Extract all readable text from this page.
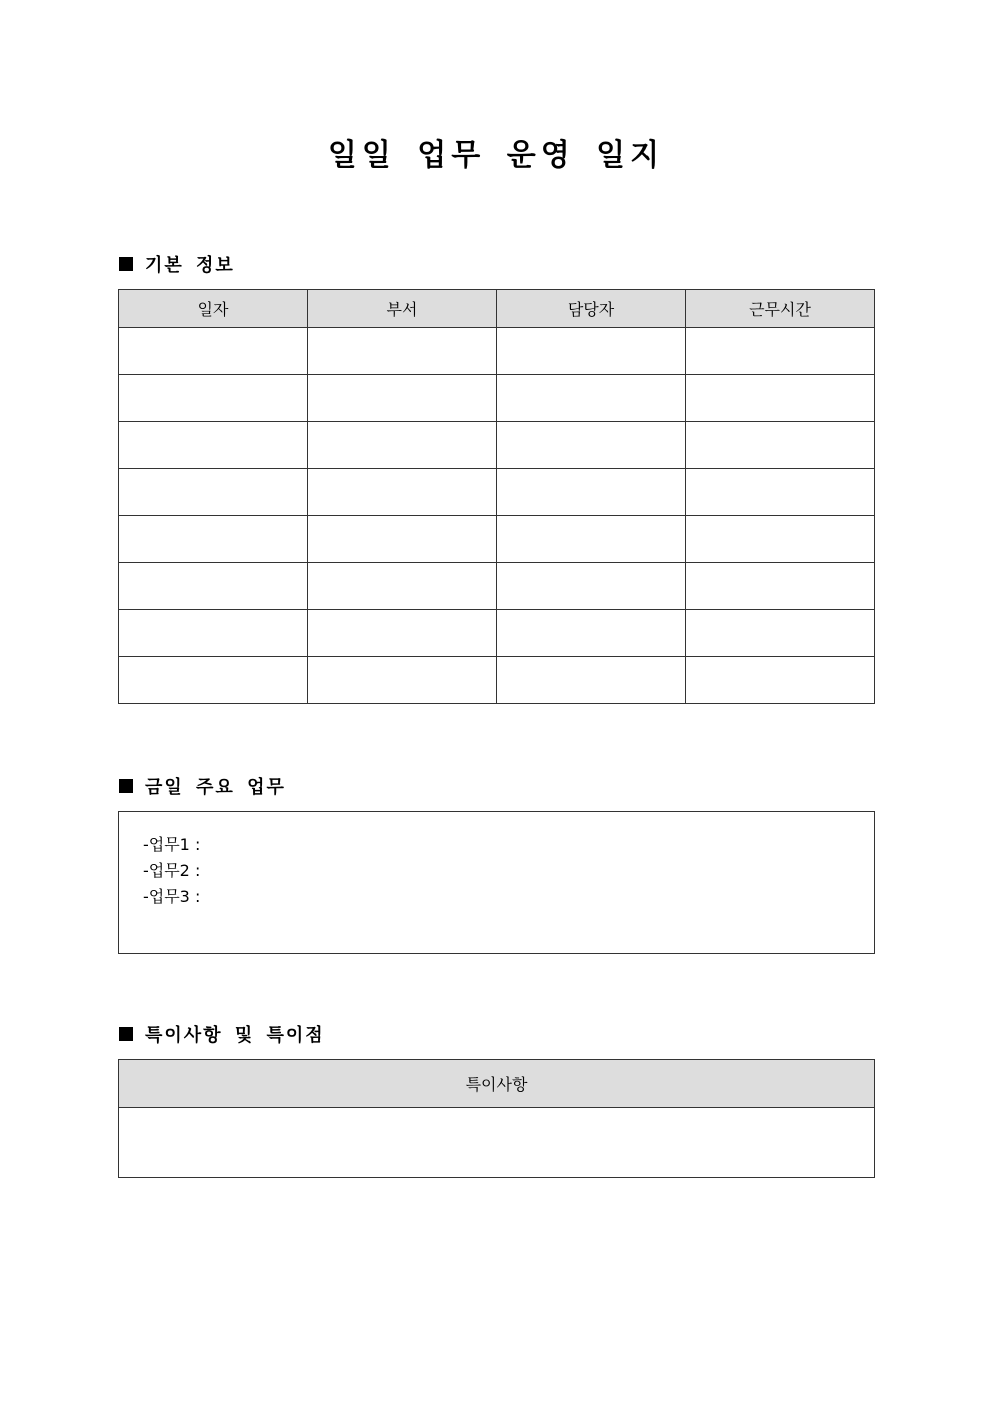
일일 업무 운영 일지
기본 정보
일자	부서	담당자	근무시간

금일 주요 업무
-업무1 :
-업무2 :
-업무3 :
특이사항 및 특이점
특이사항
